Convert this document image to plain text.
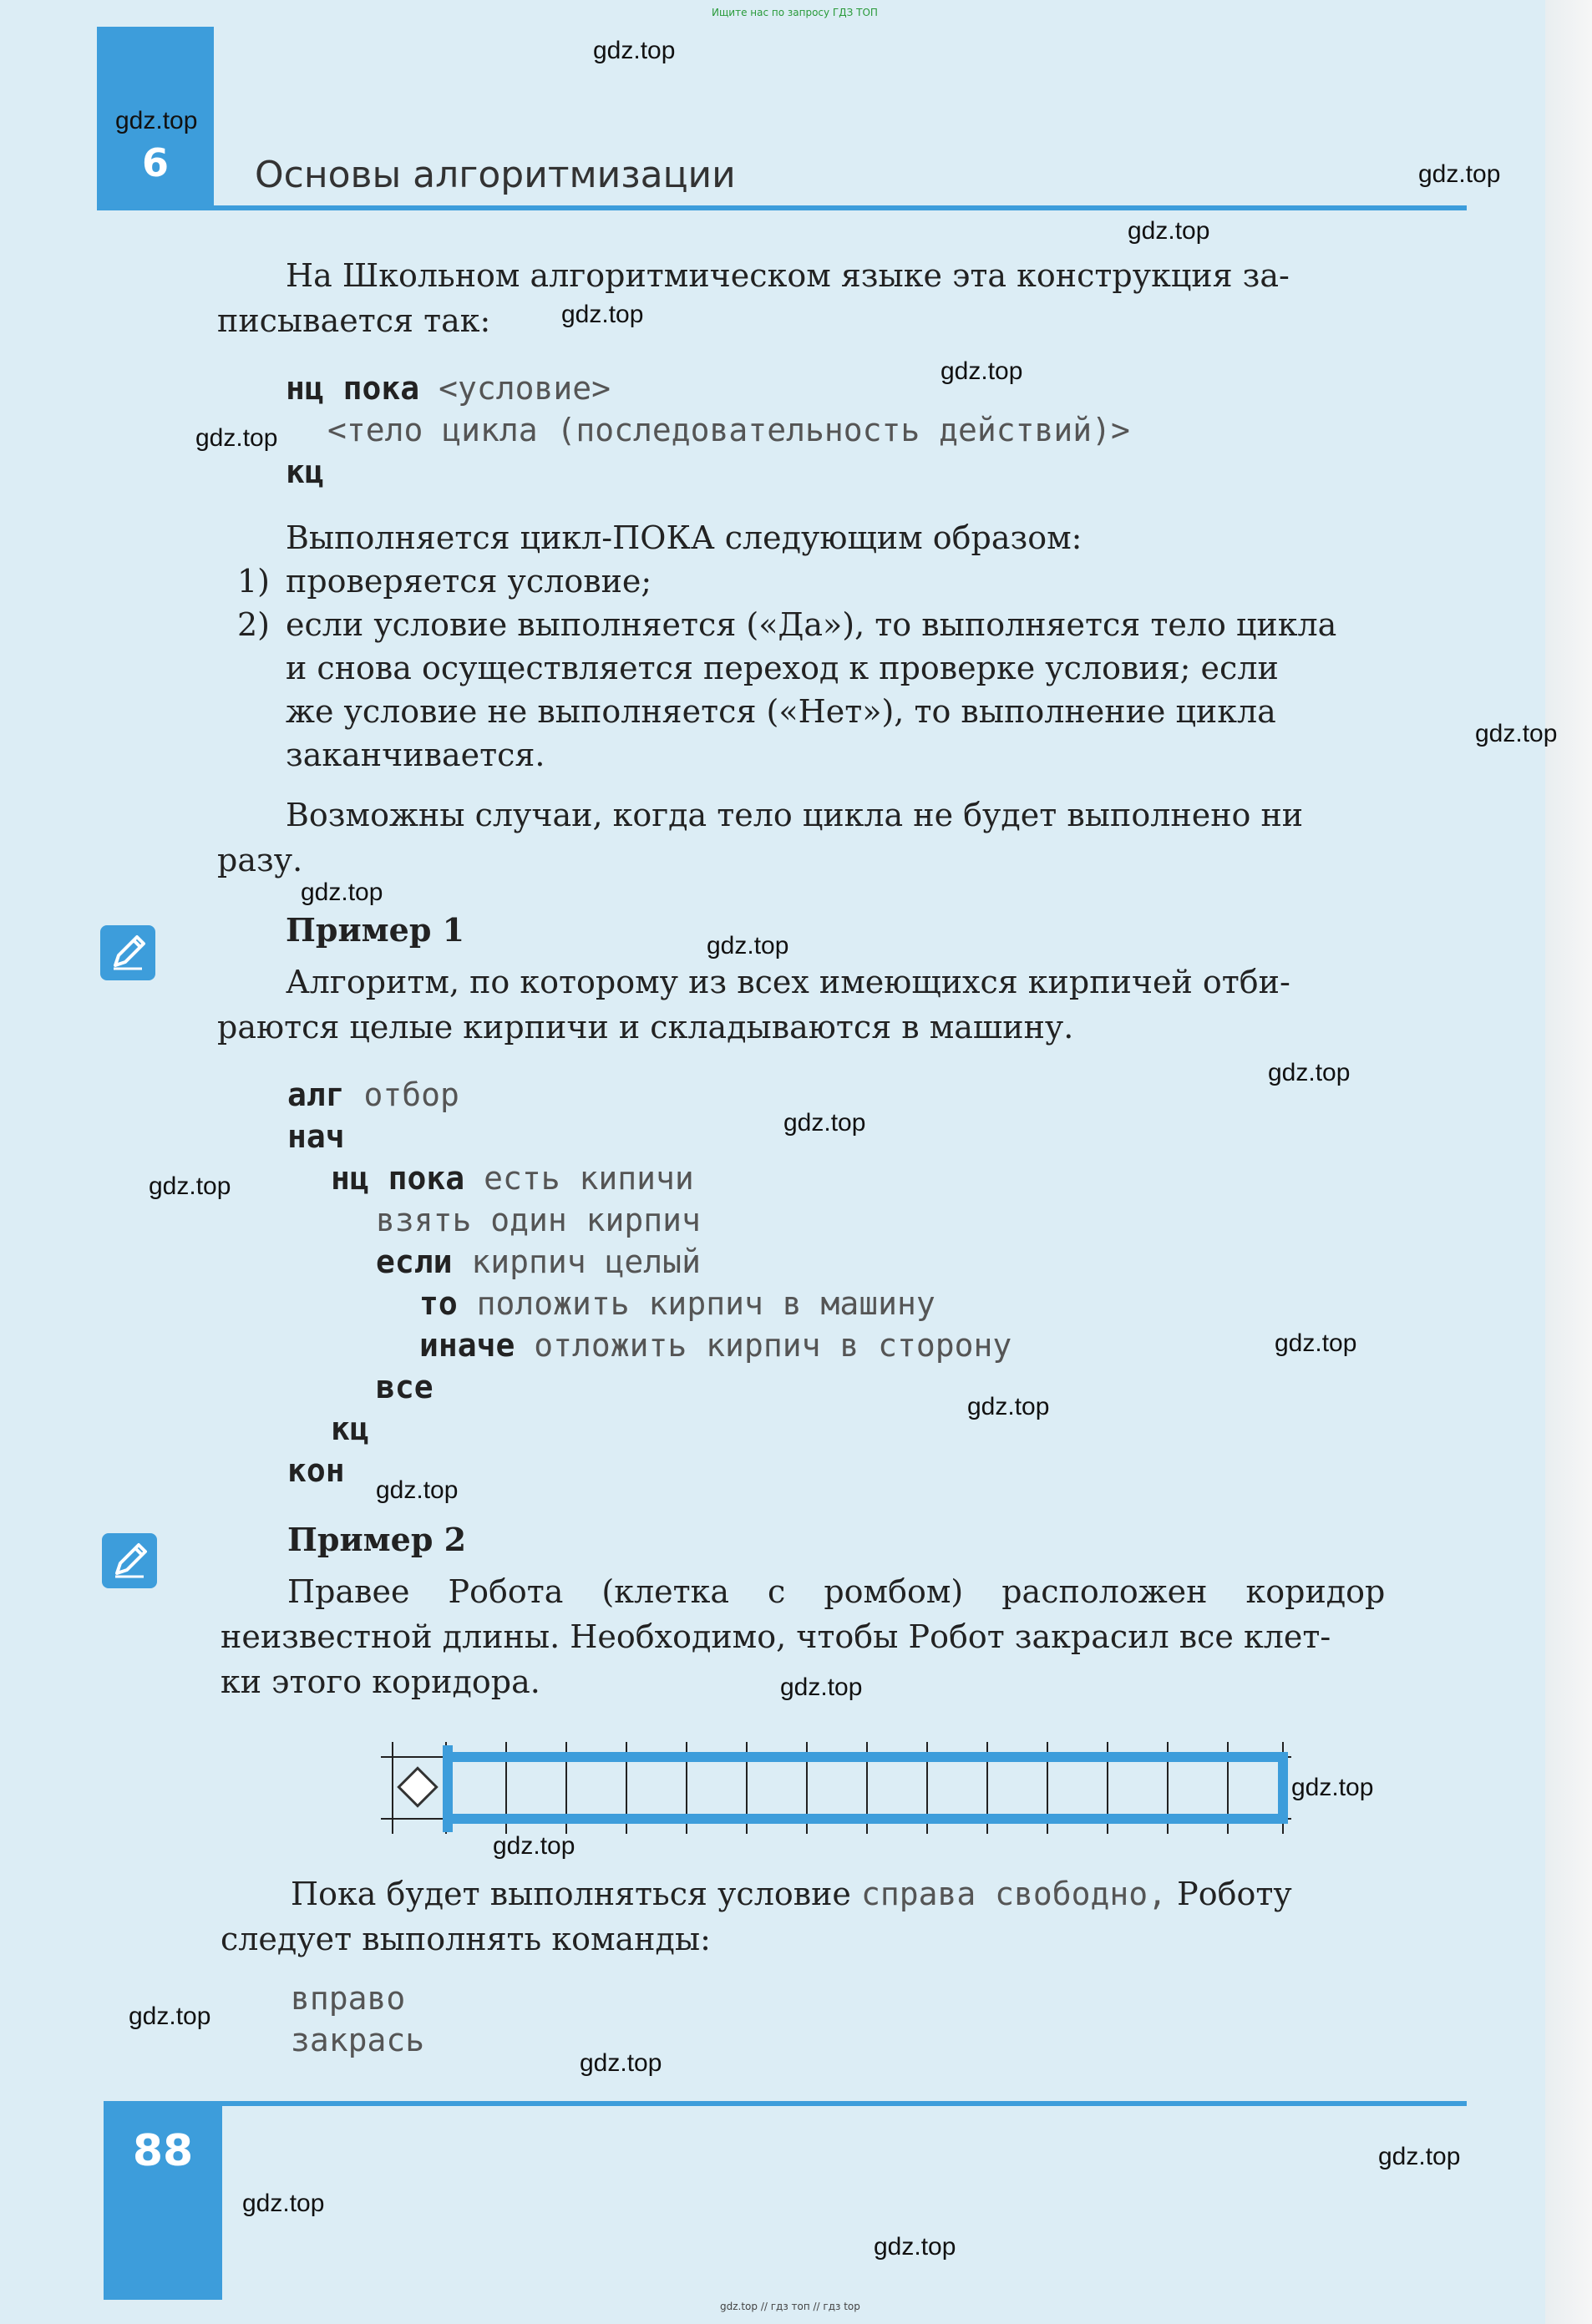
Ищите нас по запросу ГДЗ ТОП
6	Основы алгоритмизации
gdz.top
gdz.top
gdz.top
gdz.top
gdz.top
gdz.top
gdz.top
gdz.top
gdz.top
gdz.top
gdz.top
gdz.top
gdz.top
gdz.top
gdz.top
gdz.top
gdz.top
gdz.top
gdz.top
gdz.top
gdz.top
gdz.top
gdz.top
gdz.top
На Школьном алгоритмическом языке эта конструкция за-
писывается так:
нц пока <условие>
<тело цикла (последовательность действий)>
кц
Выполняется цикл-ПОКА следующим образом:
1) проверяется условие;
2) если условие выполняется («Да»), то выполняется тело цикла
и снова осуществляется переход к проверке условия; если
же условие не выполняется («Нет»), то выполнение цикла
заканчивается.
Возможны случаи, когда тело цикла не будет выполнено ни
разу.
Пример 1
Алгоритм, по которому из всех имеющихся кирпичей отби-
раются целые кирпичи и складываются в машину.
алг отбор
нач
нц пока есть кипичи
взять один кирпич
если кирпич целый
то положить кирпич в машину
иначе отложить кирпич в сторону
все
кц
кон
Пример 2
Правее Робота (клетка с ромбом) расположен коридор
неизвестной длины. Необходимо, чтобы Робот закрасил все клет-
ки этого коридора.
Пока будет выполняться условие справа свободно, Роботу
следует выполнять команды:
вправо
закрась
88
gdz.top // гдз топ // гдз top
